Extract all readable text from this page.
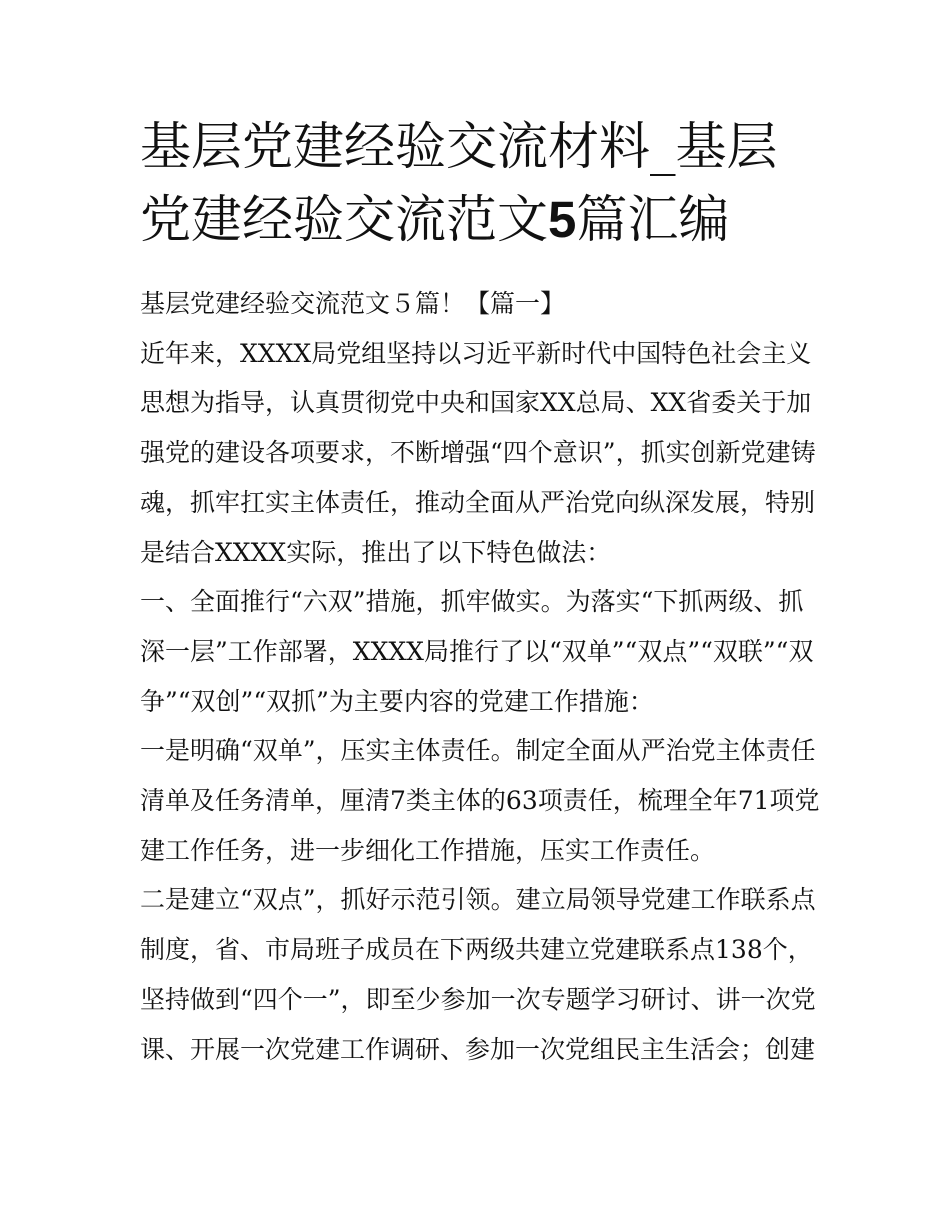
基层党建经验交流材料_基层党建经验交流范文5篇汇编

基层党建经验交流范文５篇！【篇一】

近年来，XXXX局党组坚持以习近平新时代中国特色社会主义思想为指导，认真贯彻党中央和国家XX总局、XX省委关于加强党的建设各项要求，不断增强“四个意识”，抓实创新党建铸魂，抓牢扛实主体责任，推动全面从严治党向纵深发展，特别是结合XXXX实际，推出了以下特色做法：

一、全面推行“六双”措施，抓牢做实。为落实“下抓两级、抓深一层”工作部署，XXXX局推行了以“双单”“双点”“双联”“双争”“双创”“双抓”为主要内容的党建工作措施：

一是明确“双单”，压实主体责任。制定全面从严治党主体责任清单及任务清单，厘清7类主体的63项责任，梳理全年71项党建工作任务，进一步细化工作措施，压实工作责任。

二是建立“双点”，抓好示范引领。建立局领导党建工作联系点制度，省、市局班子成员在下两级共建立党建联系点138个，坚持做到“四个一”，即至少参加一次专题学习研讨、讲一次党课、开展一次党建工作调研、参加一次党组民主生活会；创建
